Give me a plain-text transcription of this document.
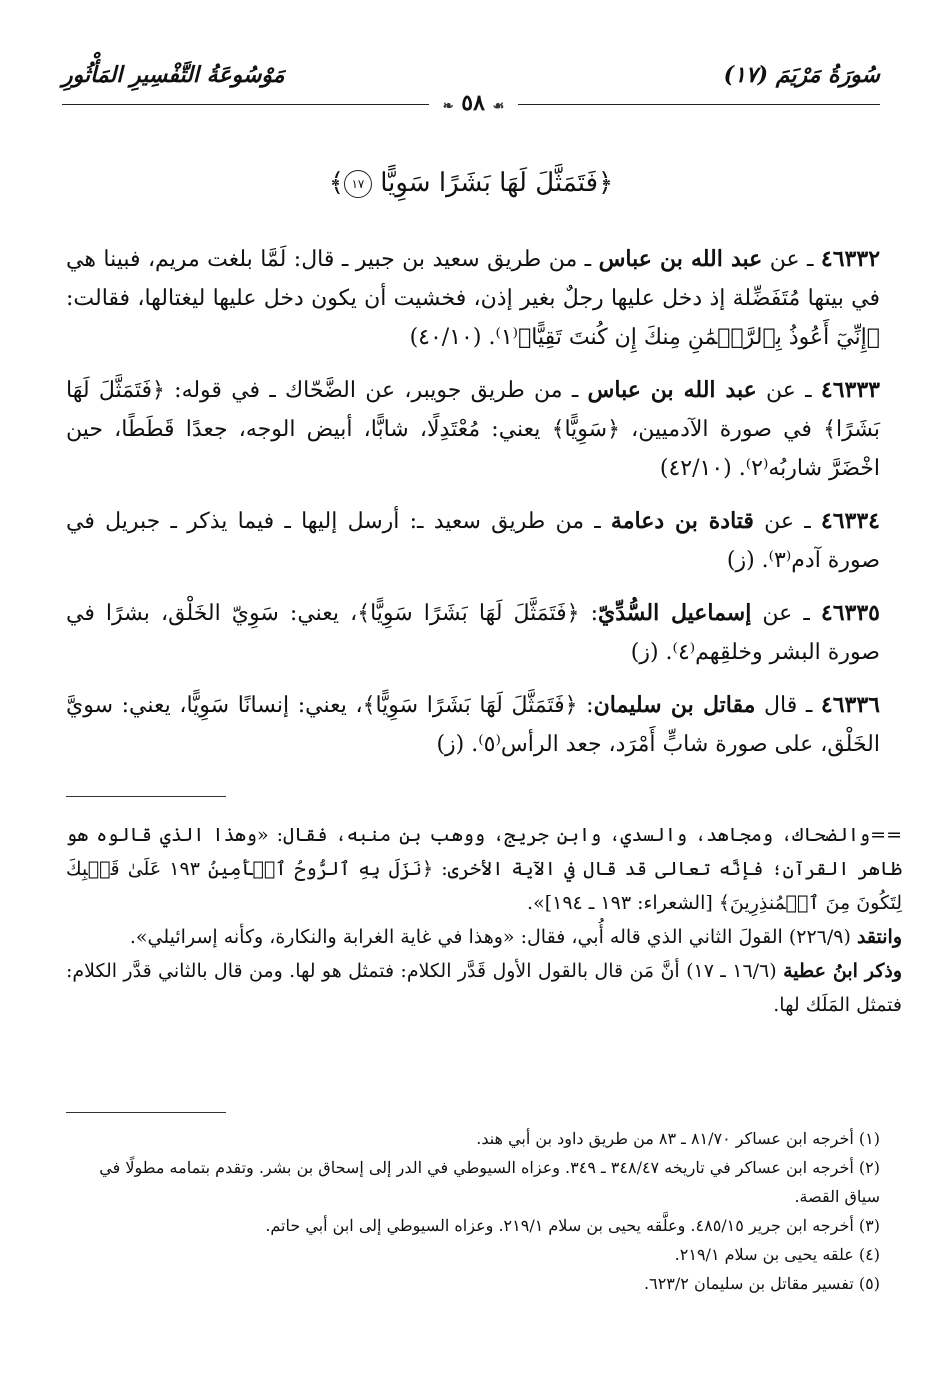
سُورَةُ مَرْيَمَ (١٧)
مَوْسُوعَةُ التَّفْسِيرِ المَأْثُورِ
❧ ٥٨ ☙
﴿فَتَمَثَّلَ لَهَا بَشَرًا سَوِيًّا ١٧﴾

٤٦٣٣٢ ـ عن عبد الله بن عباس ـ من طريق سعيد بن جبير ـ قال: لَمَّا بلغت مريم، فبينا هي في بيتها مُتَفَضِّلة إذ دخل عليها رجلٌ بغير إذن، فخشيت أن يكون دخل عليها ليغتالها، فقالت: ﴿إِنِّيٓ أَعُوذُ بِٱلرَّحۡمَٰنِ مِنكَ إِن كُنتَ تَقِيًّا﴾⁽١⁾. (٤٠/١٠)

٤٦٣٣٣ ـ عن عبد الله بن عباس ـ من طريق جويبر، عن الضَّحّاك ـ في قوله: ﴿فَتَمَثَّلَ لَهَا بَشَرًا﴾ في صورة الآدميين، ﴿سَوِيًّا﴾ يعني: مُعْتَدِلًا، شابًّا، أبيض الوجه، جعدًا قَطَطًا، حين اخْضَرَّ شاربُه⁽٢⁾. (٤٢/١٠)

٤٦٣٣٤ ـ عن قتادة بن دعامة ـ من طريق سعيد ـ: أرسل إليها ـ فيما يذكر ـ جبريل في صورة آدم⁽٣⁾. (ز)

٤٦٣٣٥ ـ عن إسماعيل السُّدِّيّ: ﴿فَتَمَثَّلَ لَهَا بَشَرًا سَوِيًّا﴾، يعني: سَوِيّ الخَلْق، بشرًا في صورة البشر وخلقِهم⁽٤⁾. (ز)

٤٦٣٣٦ ـ قال مقاتل بن سليمان: ﴿فَتَمَثَّلَ لَهَا بَشَرًا سَوِيًّا﴾، يعني: إنسانًا سَوِيًّا، يعني: سويَّ الخَلْق، على صورة شابٍّ أَمْرَد، جعد الرأس⁽٥⁾. (ز)

==والضحاك، ومجاهد، والسدي، وابن جريج، ووهب بن منبه، فقال: «وهذا الذي قالوه هو ظاهر القرآن؛ فإنَّه تعالى قد قال في الآية الأخرى: ﴿نَزَلَ بِهِ ٱلرُّوحُ ٱلۡأَمِينُ ١٩٣ عَلَىٰ قَلۡبِكَ لِتَكُونَ مِنَ ٱلۡمُنذِرِينَ﴾ [الشعراء: ١٩٣ ـ ١٩٤]».

وانتقد (٢٢٦/٩) القولَ الثاني الذي قاله أُبي، فقال: «وهذا في غاية الغرابة والنكارة، وكأنه إسرائيلي».

وذكر ابنُ عطية (١٦/٦ ـ ١٧) أنَّ مَن قال بالقول الأول قَدَّر الكلام: فتمثل هو لها. ومن قال بالثاني قدَّر الكلام: فتمثل المَلَك لها.

(١) أخرجه ابن عساكر ٨١/٧٠ ـ ٨٣ من طريق داود بن أبي هند.

(٢) أخرجه ابن عساكر في تاريخه ٣٤٨/٤٧ ـ ٣٤٩. وعزاه السيوطي في الدر إلى إسحاق بن بشر. وتقدم بتمامه مطولًا في سياق القصة.

(٣) أخرجه ابن جرير ٤٨٥/١٥. وعلَّقه يحيى بن سلام ٢١٩/١. وعزاه السيوطي إلى ابن أبي حاتم.

(٤) علقه يحيى بن سلام ٢١٩/١.

(٥) تفسير مقاتل بن سليمان ٦٢٣/٢.
